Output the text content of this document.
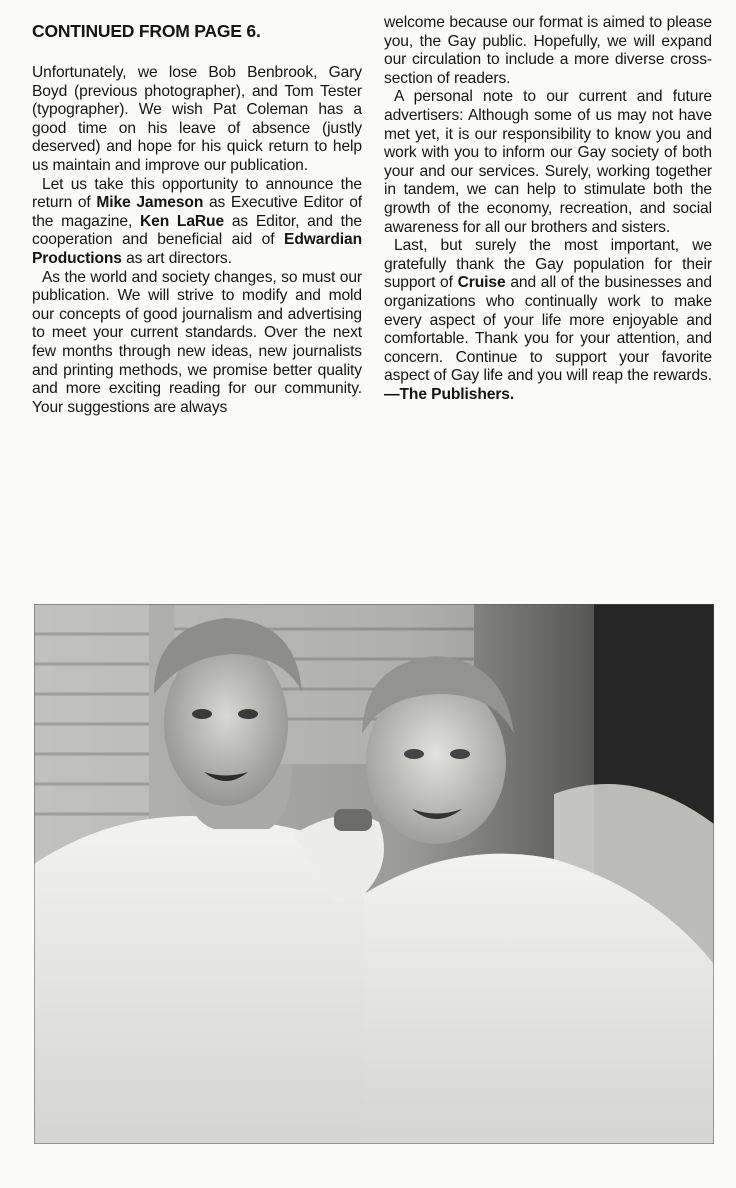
CONTINUED FROM PAGE 6.

Unfortunately, we lose Bob Benbrook, Gary Boyd (previous photographer), and Tom Tester (typographer). We wish Pat Coleman has a good time on his leave of absence (justly deserved) and hope for his quick return to help us maintain and improve our publication.

Let us take this opportunity to announce the return of Mike Jameson as Executive Editor of the magazine, Ken LaRue as Editor, and the cooperation and beneficial aid of Edwardian Productions as art directors.

As the world and society changes, so must our publication. We will strive to modify and mold our concepts of good journalism and advertising to meet your current standards. Over the next few months through new ideas, new journalists and printing methods, we promise better quality and more exciting reading for our community. Your suggestions are always

welcome because our format is aimed to please you, the Gay public. Hopefully, we will expand our circulation to include a more diverse cross-section of readers.

A personal note to our current and future advertisers: Although some of us may not have met yet, it is our responsibility to know you and work with you to inform our Gay society of both your and our services. Surely, working together in tandem, we can help to stimulate both the growth of the economy, recreation, and social awareness for all our brothers and sisters.

Last, but surely the most important, we gratefully thank the Gay population for their support of Cruise and all of the businesses and organizations who continually work to make every aspect of your life more enjoyable and comfortable. Thank you for your attention, and concern. Continue to support your favorite aspect of Gay life and you will reap the rewards. —The Publishers.
